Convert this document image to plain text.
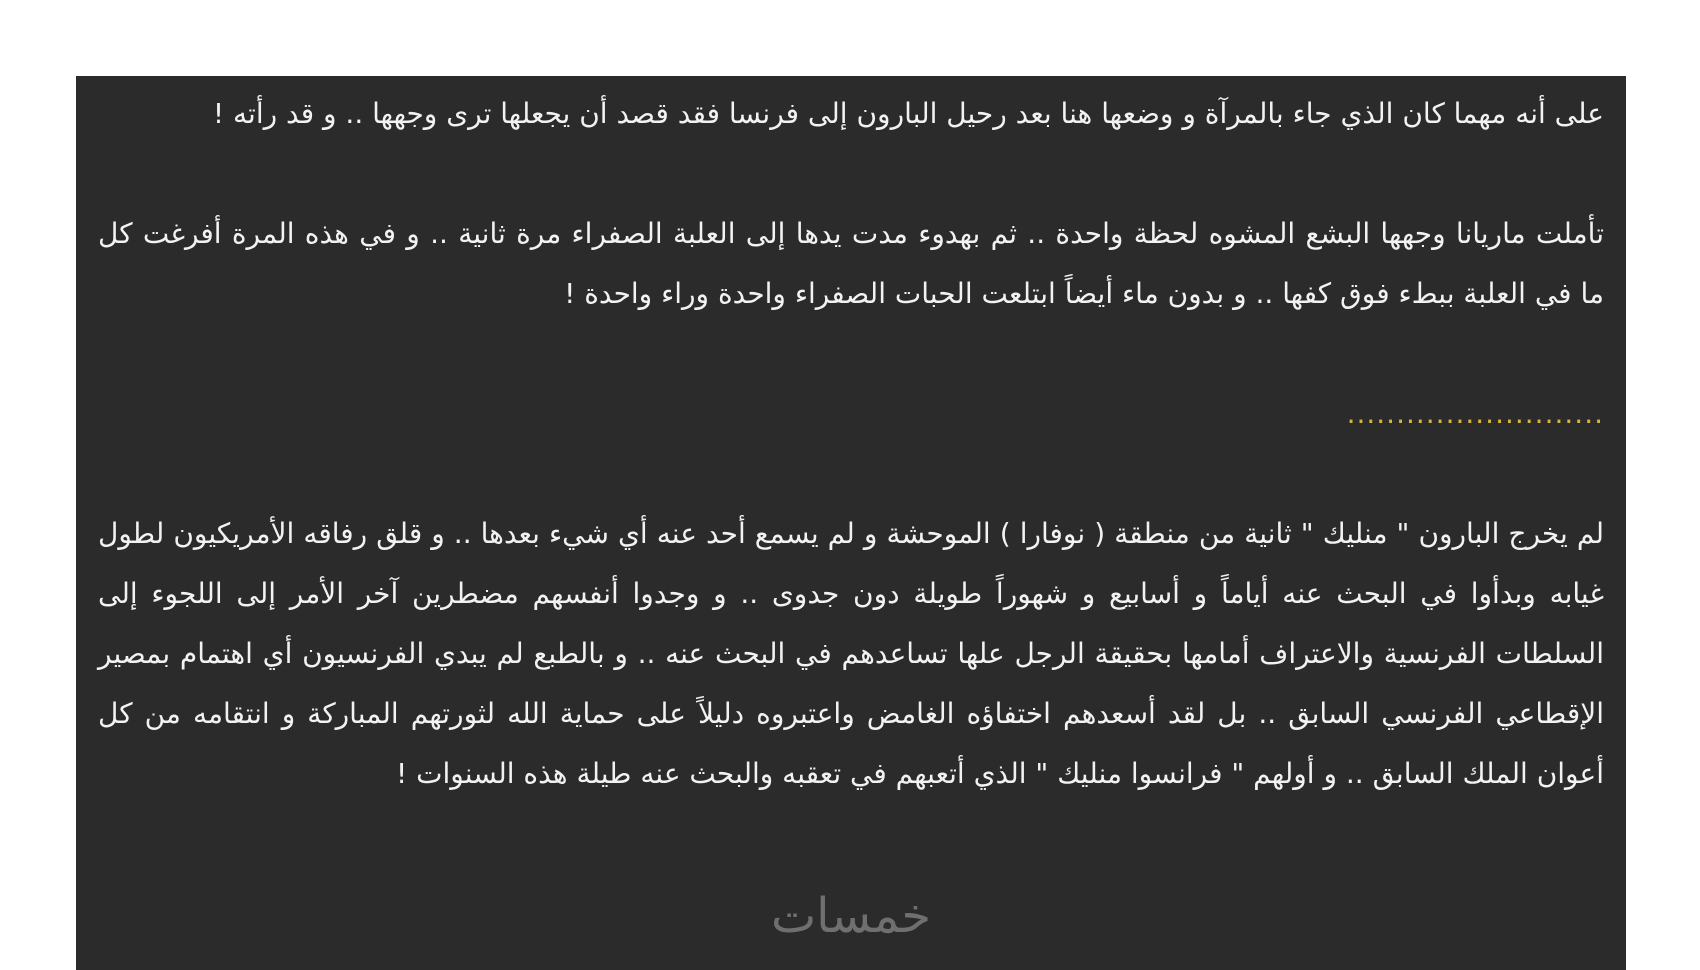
على أنه مهما كان الذي جاء بالمرآة و وضعها هنا بعد رحيل البارون إلى فرنسا فقد قصد أن يجعلها ترى وجهها .. و قد رأته !

تأملت ماريانا وجهها البشع المشوه لحظة واحدة .. ثم بهدوء مدت يدها إلى العلبة الصفراء مرة ثانية .. و في هذه المرة أفرغت كل ما في العلبة ببطء فوق كفها .. و بدون ماء أيضاً ابتلعت الحبات الصفراء واحدة وراء واحدة !

..........................

لم يخرج البارون " منليك " ثانية من منطقة ( نوفارا ) الموحشة و لم يسمع أحد عنه أي شيء بعدها .. و قلق رفاقه الأمريكيون لطول غيابه وبدأوا في البحث عنه أياماً و أسابيع و شهوراً طويلة دون جدوى .. و وجدوا أنفسهم مضطرين آخر الأمر إلى اللجوء إلى السلطات الفرنسية والاعتراف أمامها بحقيقة الرجل علها تساعدهم في البحث عنه .. و بالطبع لم يبدي الفرنسيون أي اهتمام بمصير الإقطاعي الفرنسي السابق .. بل لقد أسعدهم اختفاؤه الغامض واعتبروه دليلاً على حماية الله لثورتهم المباركة و انتقامه من كل أعوان الملك السابق .. و أولهم " فرانسوا منليك " الذي أتعبهم في تعقبه والبحث عنه طيلة هذه السنوات !

خمسات
